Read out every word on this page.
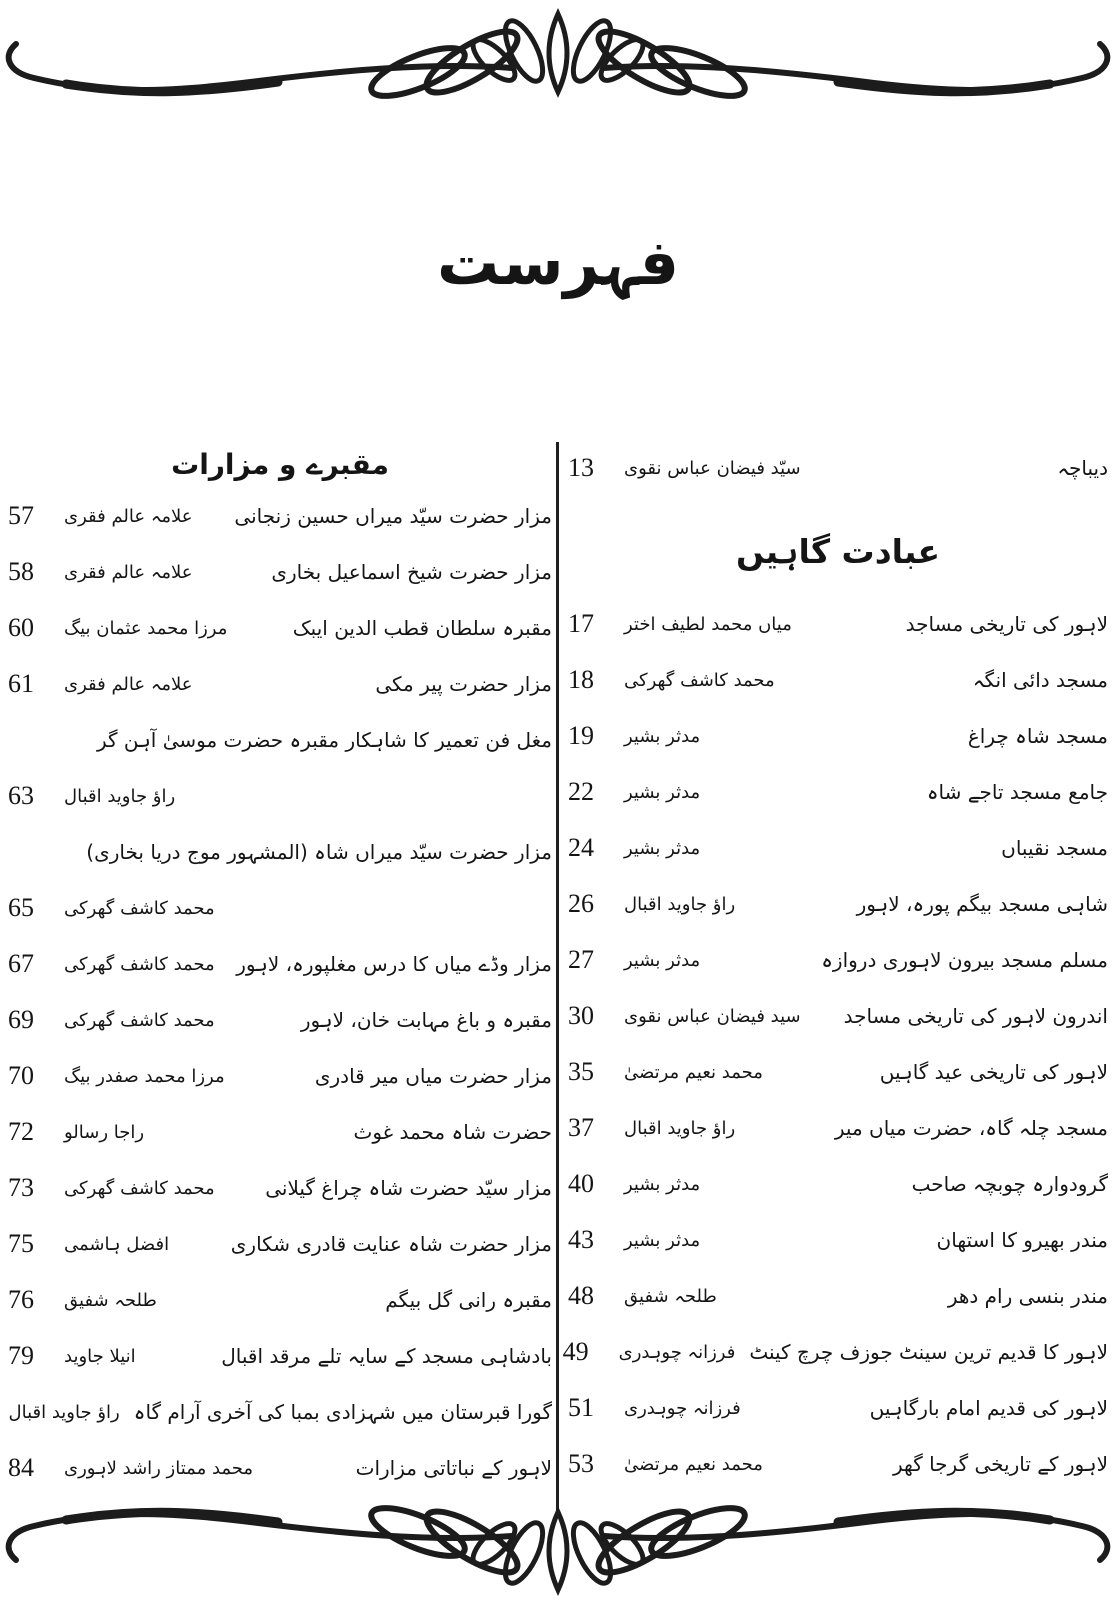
فہرست
دیباچہ
سیّد فیضان عباس نقوی
13
عبادت گاہیں
لاہور کی تاریخی مساجد
میاں محمد لطیف اختر
17
مسجد دائی انگہ
محمد کاشف گھرکی
18
مسجد شاہ چراغ
مدثر بشیر
19
جامع مسجد تاجے شاہ
مدثر بشیر
22
مسجد نقیباں
مدثر بشیر
24
شاہی مسجد بیگم پورہ، لاہور
راؤ جاوید اقبال
26
مسلم مسجد بیرون لاہوری دروازہ
مدثر بشیر
27
اندرون لاہور کی تاریخی مساجد
سید فیضان عباس نقوی
30
لاہور کی تاریخی عید گاہیں
محمد نعیم مرتضیٰ
35
مسجد چلہ گاہ، حضرت میاں میر
راؤ جاوید اقبال
37
گرودوارہ چوبچہ صاحب
مدثر بشیر
40
مندر بھیرو کا استھان
مدثر بشیر
43
مندر بنسی رام دھر
طلحہ شفیق
48
لاہور کا قدیم ترین سینٹ جوزف چرچ کینٹ
فرزانہ چوہدری
49
لاہور کی قدیم امام بارگاہیں
فرزانہ چوہدری
51
لاہور کے تاریخی گرجا گھر
محمد نعیم مرتضیٰ
53
مقبرے و مزارات
مزار حضرت سیّد میراں حسین زنجانی
علامہ عالم فقری
57
مزار حضرت شیخ اسماعیل بخاری
علامہ عالم فقری
58
مقبرہ سلطان قطب الدین ایبک
مرزا محمد عثمان بیگ
60
مزار حضرت پیر مکی
علامہ عالم فقری
61
مغل فن تعمیر کا شاہکار مقبرہ حضرت موسیٰ آہن گر
راؤ جاوید اقبال
63
مزار حضرت سیّد میراں شاہ (المشہور موج دریا بخاری)
محمد کاشف گھرکی
65
مزار وڈے میاں کا درس مغلپورہ، لاہور
محمد کاشف گھرکی
67
مقبرہ و باغ مہابت خان، لاہور
محمد کاشف گھرکی
69
مزار حضرت میاں میر قادری
مرزا محمد صفدر بیگ
70
حضرت شاہ محمد غوث
راجا رسالو
72
مزار سیّد حضرت شاہ چراغ گیلانی
محمد کاشف گھرکی
73
مزار حضرت شاہ عنایت قادری شکاری
افضل ہاشمی
75
مقبرہ رانی گل بیگم
طلحہ شفیق
76
بادشاہی مسجد کے سایہ تلے مرقد اقبال
انیلا جاوید
79
گورا قبرستان میں شہزادی بمبا کی آخری آرام گاہ
راؤ جاوید اقبال
لاہور کے نباتاتی مزارات
محمد ممتاز راشد لاہوری
84
